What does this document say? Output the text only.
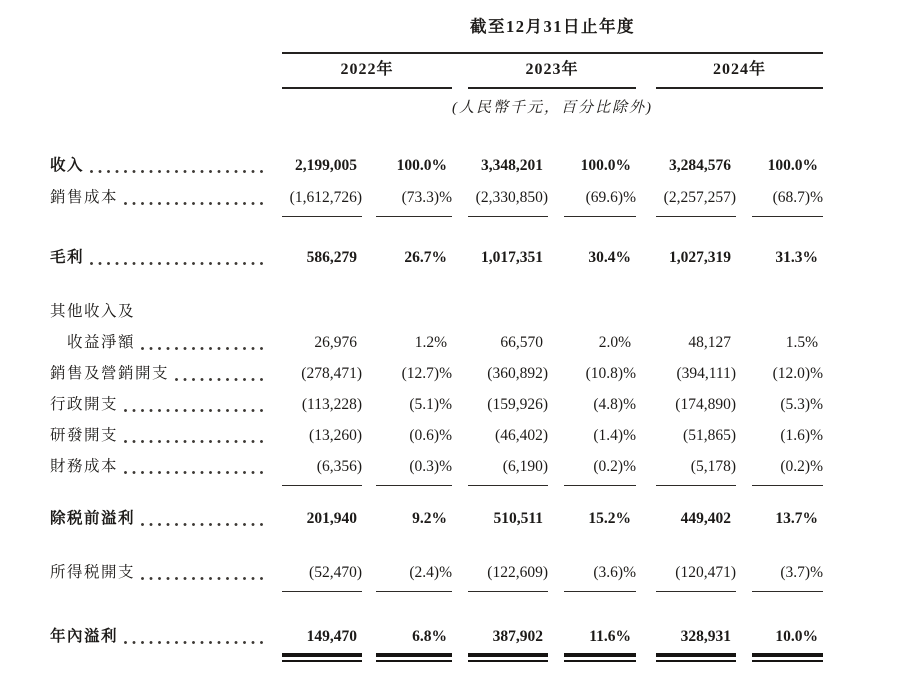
截至12月31日止年度
2022年	2023年	2024年
(人民幣千元，百分比除外)
收入	2,199,005	100.0%	3,348,201	100.0%	3,284,576	100.0%
銷售成本	(1,612,726)	(73.3)%	(2,330,850)	(69.6)%	(2,257,257)	(68.7)%
毛利	586,279	26.7%	1,017,351	30.4%	1,027,319	31.3%
其他收入及
收益淨額	26,976	1.2%	66,570	2.0%	48,127	1.5%
銷售及營銷開支	(278,471)	(12.7)%	(360,892)	(10.8)%	(394,111)	(12.0)%
行政開支	(113,228)	(5.1)%	(159,926)	(4.8)%	(174,890)	(5.3)%
研發開支	(13,260)	(0.6)%	(46,402)	(1.4)%	(51,865)	(1.6)%
財務成本	(6,356)	(0.3)%	(6,190)	(0.2)%	(5,178)	(0.2)%
除税前溢利	201,940	9.2%	510,511	15.2%	449,402	13.7%
所得税開支	(52,470)	(2.4)%	(122,609)	(3.6)%	(120,471)	(3.7)%
年內溢利	149,470	6.8%	387,902	11.6%	328,931	10.0%
